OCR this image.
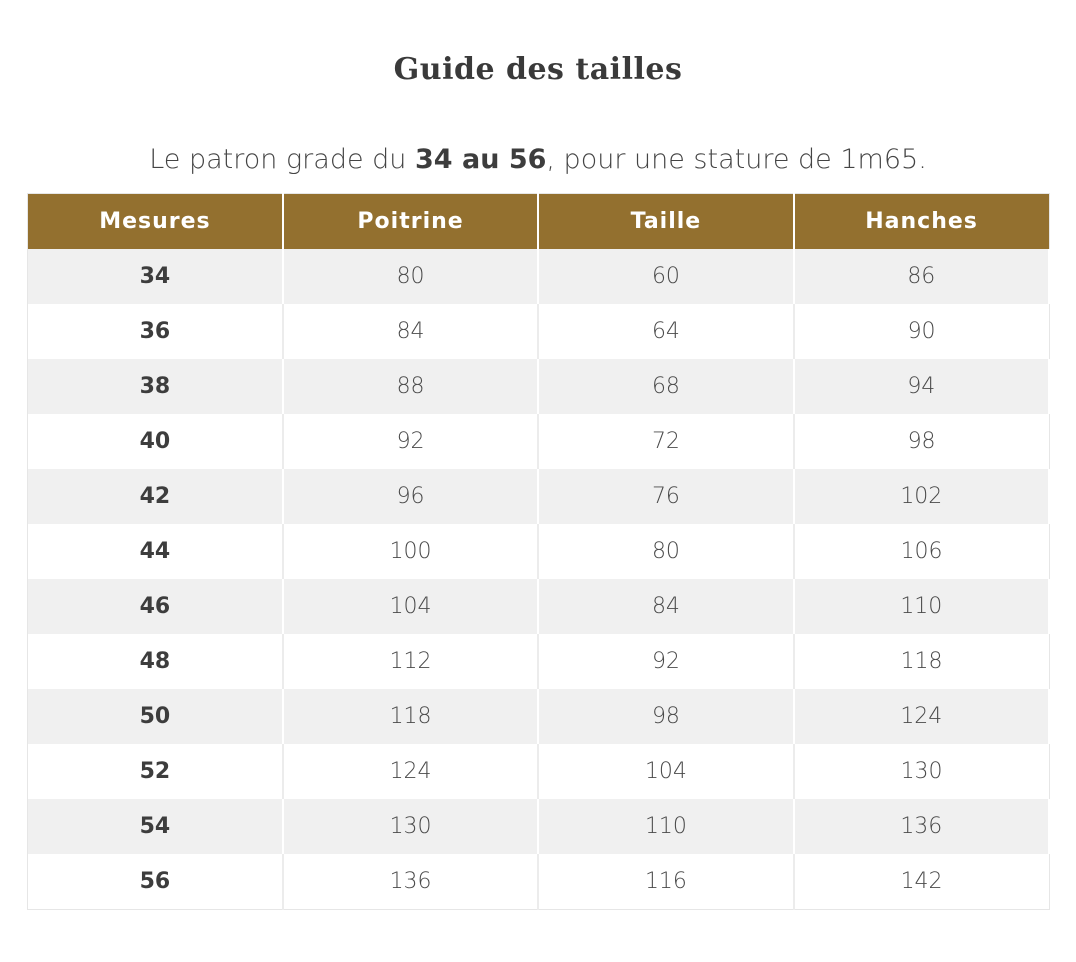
Guide des tailles

Le patron grade du 34 au 56, pour une stature de 1m65.

Mesures	Poitrine	Taille	Hanches
34	80	60	86
36	84	64	90
38	88	68	94
40	92	72	98
42	96	76	102
44	100	80	106
46	104	84	110
48	112	92	118
50	118	98	124
52	124	104	130
54	130	110	136
56	136	116	142
